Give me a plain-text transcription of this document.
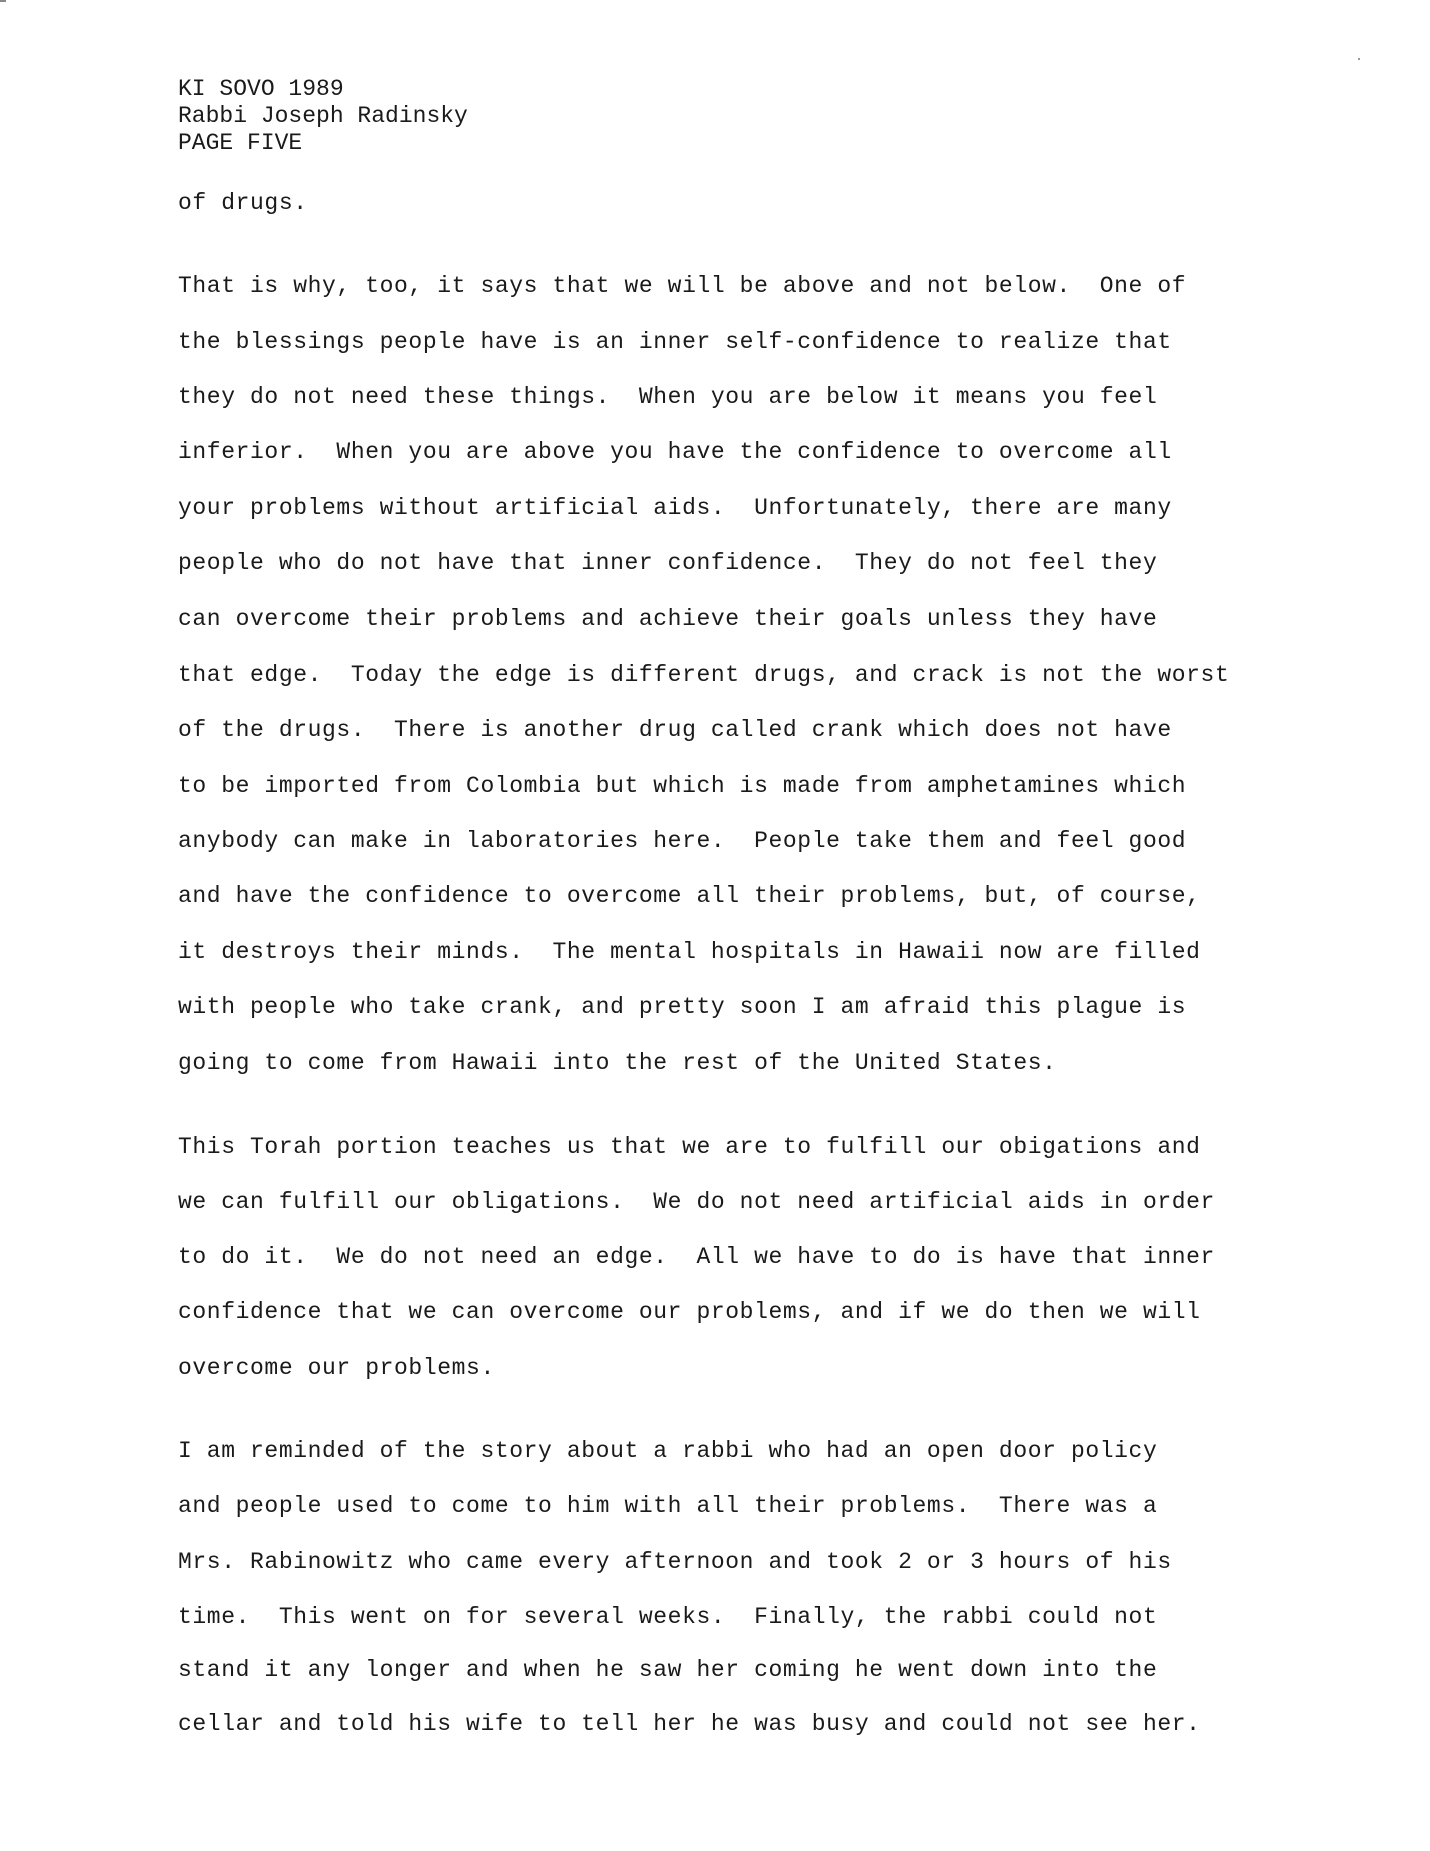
KI SOVO 1989
Rabbi Joseph Radinsky
PAGE FIVE
of drugs.
That is why, too, it says that we will be above and not below.  One of
the blessings people have is an inner self-confidence to realize that
they do not need these things.  When you are below it means you feel
inferior.  When you are above you have the confidence to overcome all
your problems without artificial aids.  Unfortunately, there are many
people who do not have that inner confidence.  They do not feel they
can overcome their problems and achieve their goals unless they have
that edge.  Today the edge is different drugs, and crack is not the worst
of the drugs.  There is another drug called crank which does not have
to be imported from Colombia but which is made from amphetamines which
anybody can make in laboratories here.  People take them and feel good
and have the confidence to overcome all their problems, but, of course,
it destroys their minds.  The mental hospitals in Hawaii now are filled
with people who take crank, and pretty soon I am afraid this plague is
going to come from Hawaii into the rest of the United States.
This Torah portion teaches us that we are to fulfill our obigations and
we can fulfill our obligations.  We do not need artificial aids in order
to do it.  We do not need an edge.  All we have to do is have that inner
confidence that we can overcome our problems, and if we do then we will
overcome our problems.
I am reminded of the story about a rabbi who had an open door policy
and people used to come to him with all their problems.  There was a
Mrs. Rabinowitz who came every afternoon and took 2 or 3 hours of his
time.  This went on for several weeks.  Finally, the rabbi could not
stand it any longer and when he saw her coming he went down into the
cellar and told his wife to tell her he was busy and could not see her.
